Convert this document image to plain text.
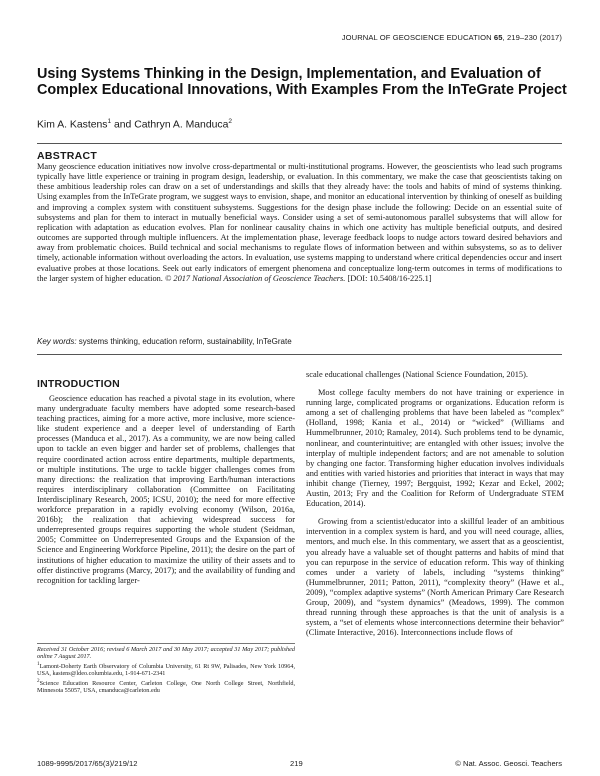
JOURNAL OF GEOSCIENCE EDUCATION 65, 219–230 (2017)
Using Systems Thinking in the Design, Implementation, and Evaluation of Complex Educational Innovations, With Examples From the InTeGrate Project
Kim A. Kastens$^1$ and Cathryn A. Manduca$^2$
ABSTRACT
Many geoscience education initiatives now involve cross-departmental or multi-institutional programs. However, the geoscientists who lead such programs typically have little experience or training in program design, leadership, or evaluation. In this commentary, we make the case that geoscientists taking on these ambitious leadership roles can draw on a set of understandings and skills that they already have: the tools and habits of mind of systems thinking. Using examples from the InTeGrate program, we suggest ways to envision, shape, and monitor an educational intervention by thinking of oneself as building and improving a complex system with constituent subsystems. Suggestions for the design phase include the following: Decide on an essential suite of subsystems and plan for them to interact in mutually beneficial ways. Consider using a set of semi-autonomous parallel subsystems that will allow for replication with adaptation as education evolves. Plan for nonlinear causality chains in which one activity has multiple beneficial outputs, and desired outcomes are supported through multiple influencers. At the implementation phase, leverage feedback loops to nudge actors toward desired behaviors and away from problematic choices. Build technical and social mechanisms to regulate flows of information between and within subsystems, so as to deliver timely, actionable information without overloading the actors. In evaluation, use systems mapping to understand where critical dependencies occur and insert evaluative probes at those locations. Seek out early indicators of emergent phenomena and conceptualize long-term outcomes in terms of modifications to the larger system of higher education. © 2017 National Association of Geoscience Teachers. [DOI: 10.5408/16-225.1]
Key words: systems thinking, education reform, sustainability, InTeGrate
INTRODUCTION

Geoscience education has reached a pivotal stage in its evolution, where many undergraduate faculty members have adopted some research-based teaching practices, aiming for a more active, more inclusive, more science-like student experience and a deeper level of understanding of Earth processes (Manduca et al., 2017). As a community, we are now being called upon to tackle an even bigger and harder set of problems, challenges that require coordinated action across entire departments, multiple departments, or multiple institutions. The urge to tackle bigger challenges comes from many directions: the realization that improving Earth/human interactions requires interdisciplinary collaboration (Committee on Facilitating Interdisciplinary Research, 2005; ICSU, 2010); the need for more effective workforce preparation in a rapidly evolving economy (Wilson, 2016a, 2016b); the realization that achieving widespread success for underrepresented groups requires supporting the whole student (Seidman, 2005; Committee on Underrepresented Groups and the Expansion of the Science and Engineering Workforce Pipeline, 2011); the desire on the part of institutions of higher education to maximize the utility of their assets and to offer distinctive programs (Marcy, 2017); and the availability of funding and recognition for tackling larger-

scale educational challenges (National Science Foundation, 2015).

Most college faculty members do not have training or experience in running large, complicated programs or organizations. Education reform is among a set of challenging problems that have been labeled as “complex” (Holland, 1998; Kania et al., 2014) or “wicked” (Williams and Hummelbrunner, 2010; Ramaley, 2014). Such problems tend to be dynamic, nonlinear, and counterintuitive; are entangled with other issues; involve the interplay of multiple independent factors; and are not amenable to solution by changing one factor. Transforming higher education involves individuals and entities with varied histories and priorities that interact in ways that may inhibit change (Tierney, 1997; Bergquist, 1992; Kezar and Eckel, 2002; Austin, 2013; Fry and the Coalition for Reform of Undergraduate STEM Education, 2014).

Growing from a scientist/educator into a skillful leader of an ambitious intervention in a complex system is hard, and you will need courage, allies, mentors, and much else. In this commentary, we assert that as a geoscientist, you already have a valuable set of thought patterns and habits of mind that you can repurpose in the service of education reform. This way of thinking comes under a variety of labels, including “systems thinking” (Hummelbrunner, 2011; Patton, 2011), “complexity theory” (Hawe et al., 2009), “complex adaptive systems” (North American Primary Care Research Group, 2009), and “system dynamics” (Meadows, 1999). The common thread running through these approaches is that the unit of analysis is a system, a “set of elements whose interconnections determine their behavior” (Climate Interactive, 2016). Interconnections include flows of

Received 31 October 2016; revised 6 March 2017 and 30 May 2017; accepted 31 May 2017; published online 7 August 2017.

$^1$Lamont-Doherty Earth Observatory of Columbia University, 61 Rt 9W, Palisades, New York 10964, USA, kastens@ldeo.columbia.edu, 1-914-671-2341

$^2$Science Education Resource Center, Carleton College, One North College Street, Northfield, Minnesota 55057, USA, cmanduca@carleton.edu

1089-9995/2017/65(3)/219/12	219	© Nat. Assoc. Geosci. Teachers
